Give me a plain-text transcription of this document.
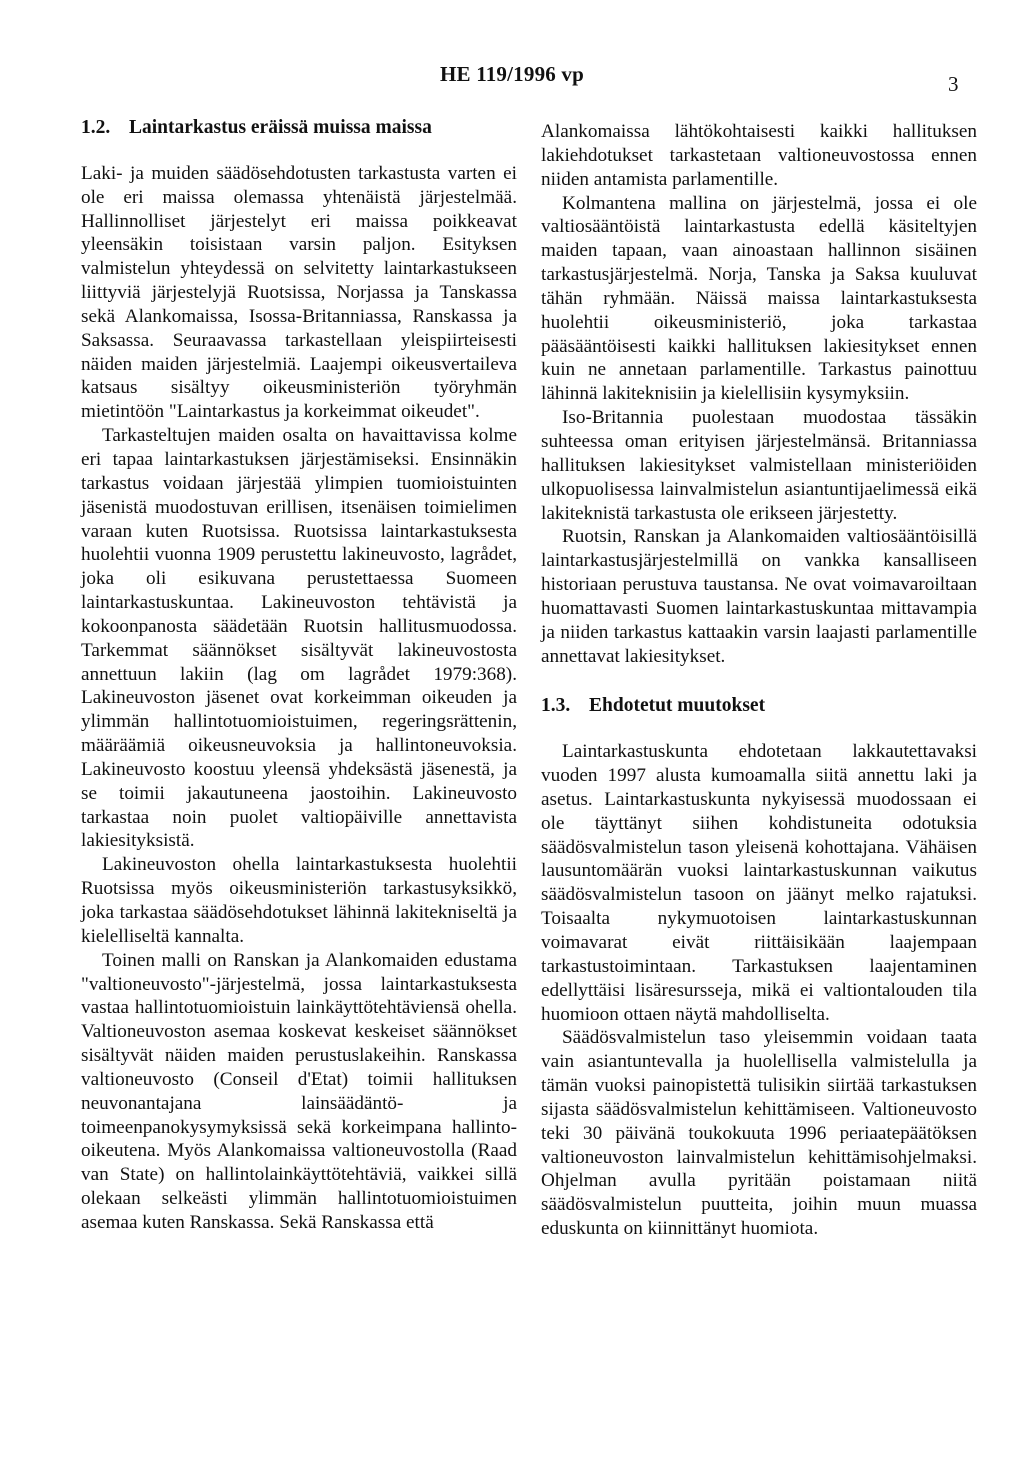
HE 119/1996 vp	3
1.2. Laintarkastus eräissä muissa maissa

Laki- ja muiden säädösehdotusten tarkastusta varten ei ole eri maissa olemassa yhtenäistä järjestelmää. Hallinnolliset järjestelyt eri maissa poikkeavat yleensäkin toisistaan varsin paljon. Esityksen valmistelun yhteydessä on selvitetty laintarkastukseen liittyviä järjestelyjä Ruotsissa, Norjassa ja Tanskassa sekä Alankomaissa, Isossa-Britanniassa, Ranskassa ja Saksassa. Seuraavassa tarkastellaan yleispiirteisesti näiden maiden järjestelmiä. Laajempi oikeusvertaileva katsaus sisältyy oikeusministeriön työryhmän mietintöön "Laintarkastus ja korkeimmat oikeudet".

Tarkasteltujen maiden osalta on havaittavissa kolme eri tapaa laintarkastuksen järjestämiseksi. Ensinnäkin tarkastus voidaan järjestää ylimpien tuomioistuinten jäsenistä muodostuvan erillisen, itsenäisen toimielimen varaan kuten Ruotsissa. Ruotsissa laintarkastuksesta huolehtii vuonna 1909 perustettu lakineuvosto, lagrådet, joka oli esikuvana perustettaessa Suomeen laintarkastuskuntaa. Lakineuvoston tehtävistä ja kokoonpanosta säädetään Ruotsin hallitusmuodossa. Tarkemmat säännökset sisältyvät lakineuvostosta annettuun lakiin (lag om lagrådet 1979:368). Lakineuvoston jäsenet ovat korkeimman oikeuden ja ylimmän hallintotuomioistuimen, regeringsrättenin, määräämiä oikeusneuvoksia ja hallintoneuvoksia. Lakineuvosto koostuu yleensä yhdeksästä jäsenestä, ja se toimii jakautuneena jaostoihin. Lakineuvosto tarkastaa noin puolet valtiopäiville annettavista lakiesityksistä.

Lakineuvoston ohella laintarkastuksesta huolehtii Ruotsissa myös oikeusministeriön tarkastusyksikkö, joka tarkastaa säädösehdotukset lähinnä lakitekniseltä ja kielelliseltä kannalta.

Toinen malli on Ranskan ja Alankomaiden edustama "valtioneuvosto"-järjestelmä, jossa laintarkastuksesta vastaa hallintotuomioistuin lainkäyttötehtäviensä ohella. Valtioneuvoston asemaa koskevat keskeiset säännökset sisältyvät näiden maiden perustuslakeihin. Ranskassa valtioneuvosto (Conseil d'Etat) toimii hallituksen neuvonantajana lainsäädäntö- ja toimeenpanokysymyksissä sekä korkeimpana hallinto-oikeutena. Myös Alankomaissa valtioneuvostolla (Raad van State) on hallintolainkäyttötehtäviä, vaikkei sillä olekaan selkeästi ylimmän hallintotuomioistuimen asemaa kuten Ranskassa. Sekä Ranskassa että

Alankomaissa lähtökohtaisesti kaikki hallituksen lakiehdotukset tarkastetaan valtioneuvostossa ennen niiden antamista parlamentille.

Kolmantena mallina on järjestelmä, jossa ei ole valtiosääntöistä laintarkastusta edellä käsiteltyjen maiden tapaan, vaan ainoastaan hallinnon sisäinen tarkastusjärjestelmä. Norja, Tanska ja Saksa kuuluvat tähän ryhmään. Näissä maissa laintarkastuksesta huolehtii oikeusministeriö, joka tarkastaa pääsääntöisesti kaikki hallituksen lakiesitykset ennen kuin ne annetaan parlamentille. Tarkastus painottuu lähinnä lakiteknisiin ja kielellisiin kysymyksiin.

Iso-Britannia puolestaan muodostaa tässäkin suhteessa oman erityisen järjestelmänsä. Britanniassa hallituksen lakiesitykset valmistellaan ministeriöiden ulkopuolisessa lainvalmistelun asiantuntijaelimessä eikä lakiteknistä tarkastusta ole erikseen järjestetty.

Ruotsin, Ranskan ja Alankomaiden valtiosääntöisillä laintarkastusjärjestelmillä on vankka kansalliseen historiaan perustuva taustansa. Ne ovat voimavaroiltaan huomattavasti Suomen laintarkastuskuntaa mittavampia ja niiden tarkastus kattaakin varsin laajasti parlamentille annettavat lakiesitykset.

1.3. Ehdotetut muutokset

Laintarkastuskunta ehdotetaan lakkautettavaksi vuoden 1997 alusta kumoamalla siitä annettu laki ja asetus. Laintarkastuskunta nykyisessä muodossaan ei ole täyttänyt siihen kohdistuneita odotuksia säädösvalmistelun tason yleisenä kohottajana. Vähäisen lausuntomäärän vuoksi laintarkastuskunnan vaikutus säädösvalmistelun tasoon on jäänyt melko rajatuksi. Toisaalta nykymuotoisen laintarkastuskunnan voimavarat eivät riittäisikään laajempaan tarkastustoimintaan. Tarkastuksen laajentaminen edellyttäisi lisäresursseja, mikä ei valtiontalouden tila huomioon ottaen näytä mahdolliselta.

Säädösvalmistelun taso yleisemmin voidaan taata vain asiantuntevalla ja huolellisella valmistelulla ja tämän vuoksi painopistettä tulisikin siirtää tarkastuksen sijasta säädösvalmistelun kehittämiseen. Valtioneuvosto teki 30 päivänä toukokuuta 1996 periaatepäätöksen valtioneuvoston lainvalmistelun kehittämisohjelmaksi. Ohjelman avulla pyritään poistamaan niitä säädösvalmistelun puutteita, joihin muun muassa eduskunta on kiinnittänyt huomiota.
